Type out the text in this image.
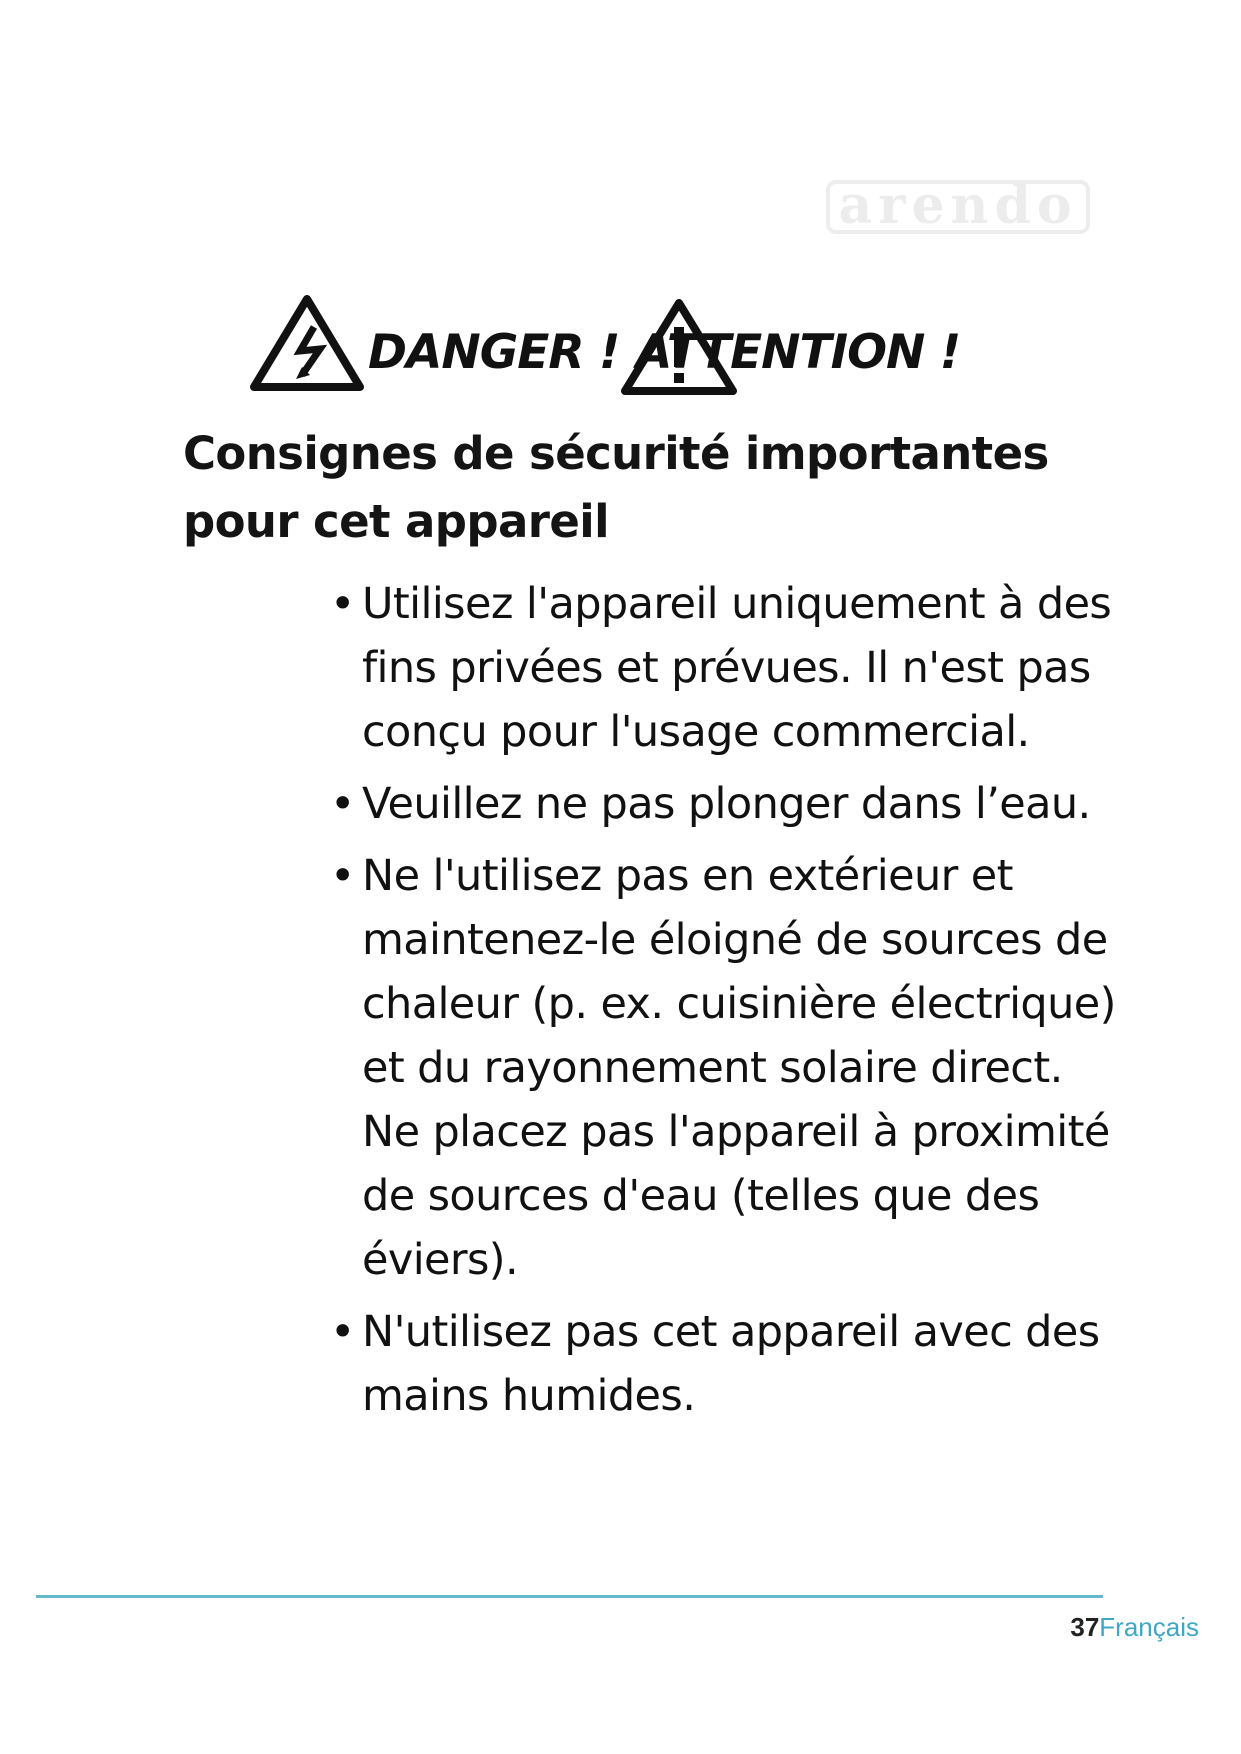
arendo
DANGER ! ATTENTION !
Consignes de sécurité importantes pour cet appareil
• Utilisez l'appareil uniquement à des fins privées et prévues. Il n'est pas conçu pour l'usage commercial.
• Veuillez ne pas plonger dans l’eau.
• Ne l'utilisez pas en extérieur et maintenez-le éloigné de sources de chaleur (p. ex. cuisinière électrique) et du rayonnement solaire direct. Ne placez pas l'appareil à proximité de sources d'eau (telles que des éviers).
• N'utilisez pas cet appareil avec des mains humides.
37Français
